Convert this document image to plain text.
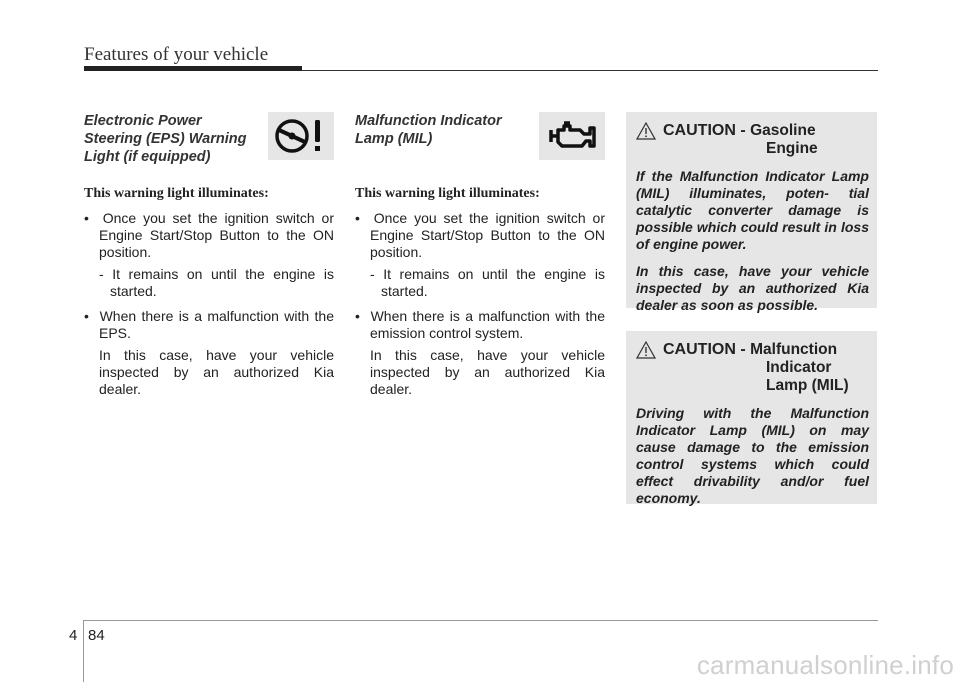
Features of your vehicle
Electronic Power
Steering (EPS) Warning
Light (if equipped)
This warning light illuminates:

•  Once you set the ignition switch or Engine Start/Stop Button to the ON position.

- It remains on until the engine is started.

•  When there is a malfunction with the EPS.

In this case, have your vehicle inspected by an authorized Kia dealer.

Malfunction Indicator
Lamp (MIL)
This warning light illuminates:

•  Once you set the ignition switch or Engine Start/Stop Button to the ON position.

- It remains on until the engine is started.

•  When there is a malfunction with the emission control system.

In this case, have your vehicle inspected by an authorized Kia dealer.

CAUTION - Gasoline
Engine

If the Malfunction Indicator Lamp (MIL) illuminates, poten- tial catalytic converter damage is possible which could result in loss of engine power.

In this case, have your vehicle inspected by an authorized Kia dealer as soon as possible.

CAUTION - Malfunction
Indicator
Lamp (MIL)

Driving with the Malfunction Indicator Lamp (MIL) on may cause damage to the emission control systems which could effect drivability and/or fuel economy.

4 84
carmanualsonline.info
